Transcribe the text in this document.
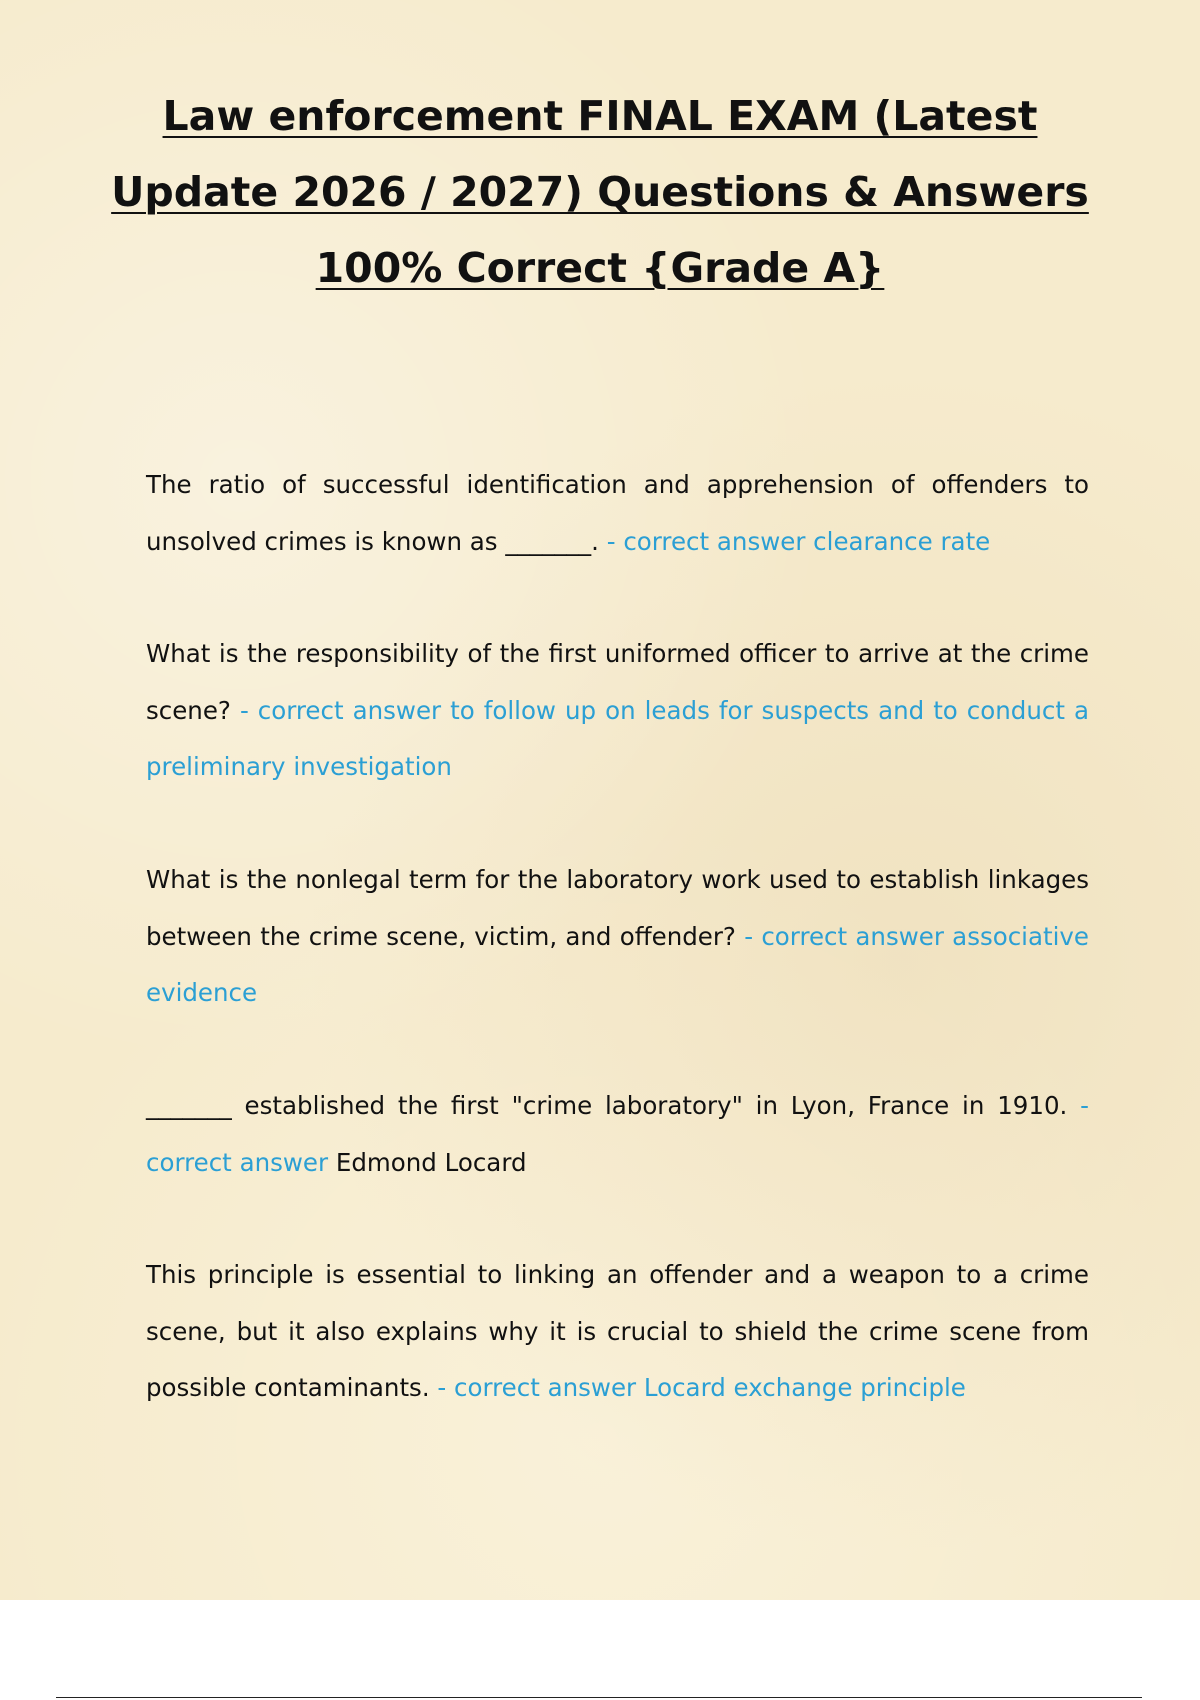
Law enforcement FINAL EXAM (Latest Update 2026 / 2027) Questions & Answers 100% Correct {Grade A}

The ratio of successful identification and apprehension of offenders to unsolved crimes is known as _______. - correct answer clearance rate

What is the responsibility of the first uniformed officer to arrive at the crime scene? - correct answer to follow up on leads for suspects and to conduct a preliminary investigation

What is the nonlegal term for the laboratory work used to establish linkages between the crime scene, victim, and offender? - correct answer associative evidence

_______ established the first "crime laboratory" in Lyon, France in 1910. - correct answer Edmond Locard

This principle is essential to linking an offender and a weapon to a crime scene, but it also explains why it is crucial to shield the crime scene from possible contaminants. - correct answer Locard exchange principle
